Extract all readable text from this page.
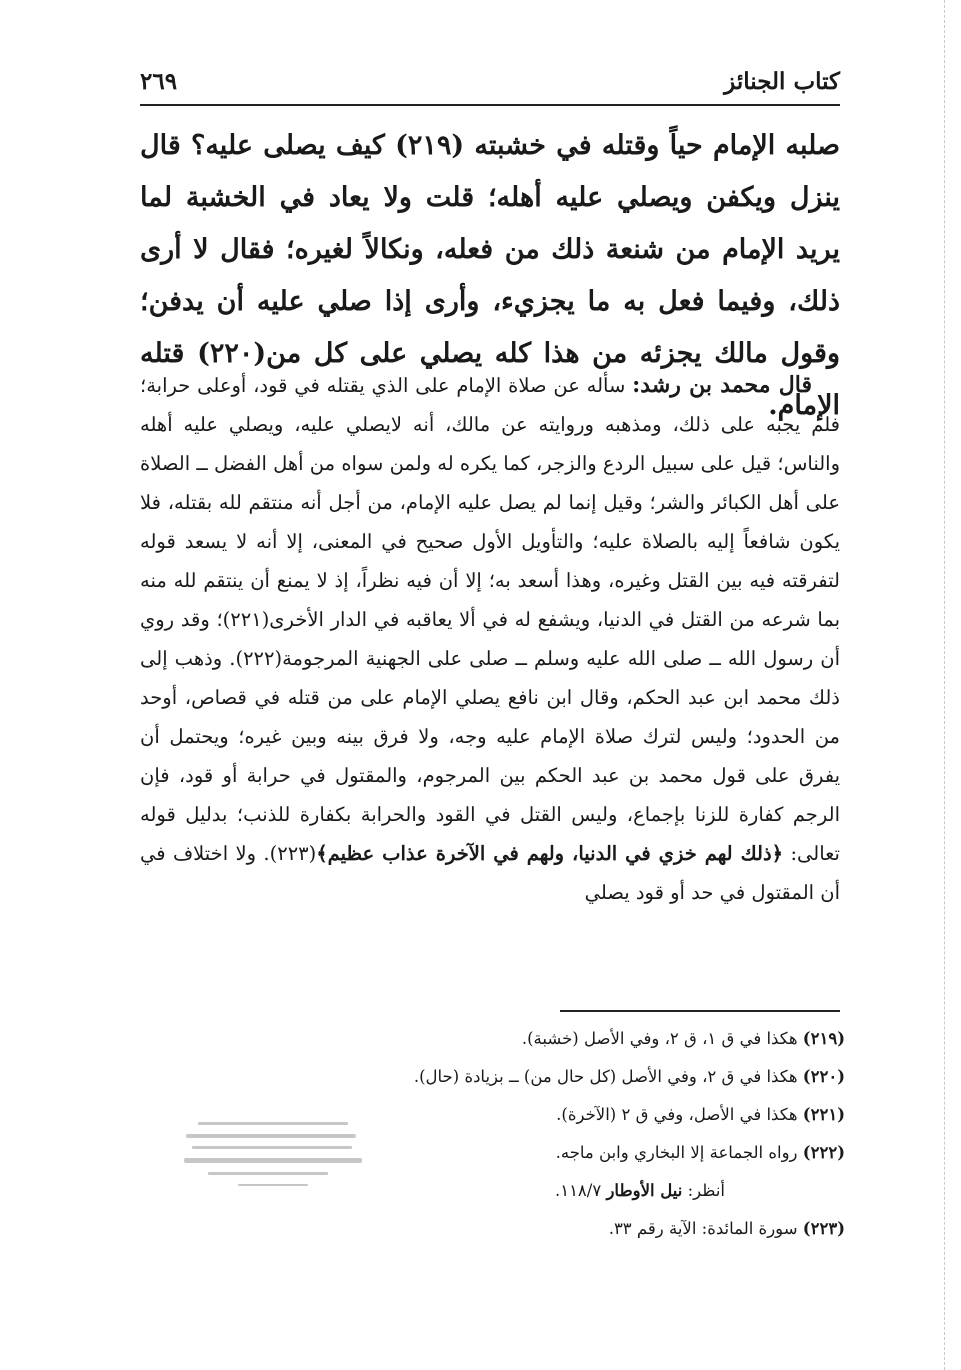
كتاب الجنائز
٢٦٩

صلبه الإمام حياً وقتله في خشبته (٢١٩) كيف يصلى عليه؟ قال ينزل ويكفن ويصلي عليه أهله؛ قلت ولا يعاد في الخشبة لما يريد الإمام من شنعة ذلك من فعله، ونكالاً لغيره؛ فقال لا أرى ذلك، وفيما فعل به ما يجزيء، وأرى إذا صلي عليه أن يدفن؛ وقول مالك يجزئه من هذا كله يصلي على كل من(٢٢٠) قتله الإمام.

قال محمد بن رشد: سأله عن صلاة الإمام على الذي يقتله في قود، أوعلى حرابة؛ فلم يجبه على ذلك، ومذهبه وروايته عن مالك، أنه لايصلي عليه، ويصلي عليه أهله والناس؛ قيل على سبيل الردع والزجر، كما يكره له ولمن سواه من أهل الفضل ــ الصلاة على أهل الكبائر والشر؛ وقيل إنما لم يصل عليه الإمام، من أجل أنه منتقم لله بقتله، فلا يكون شافعاً إليه بالصلاة عليه؛ والتأويل الأول صحيح في المعنى، إلا أنه لا يسعد قوله لتفرقته فيه بين القتل وغيره، وهذا أسعد به؛ إلا أن فيه نظراً، إذ لا يمنع أن ينتقم لله منه بما شرعه من القتل في الدنيا، ويشفع له في ألا يعاقبه في الدار الأخرى(٢٢١)؛ وقد روي أن رسول الله ــ صلى الله عليه وسلم ــ صلى على الجهنية المرجومة(٢٢٢). وذهب إلى ذلك محمد ابن عبد الحكم، وقال ابن نافع يصلي الإمام على من قتله في قصاص، أوحد من الحدود؛ وليس لترك صلاة الإمام عليه وجه، ولا فرق بينه وبين غيره؛ ويحتمل أن يفرق على قول محمد بن عبد الحكم بين المرجوم، والمقتول في حرابة أو قود، فإن الرجم كفارة للزنا بإجماع، وليس القتل في القود والحرابة بكفارة للذنب؛ بدليل قوله تعالى: ﴿ذلك لهم خزي في الدنيا، ولهم في الآخرة عذاب عظيم﴾(٢٢٣). ولا اختلاف في أن المقتول في حد أو قود يصلي

(٢١٩) هكذا في ق ١، ق ٢، وفي الأصل (خشبة).
(٢٢٠) هكذا في ق ٢، وفي الأصل (كل حال من) ــ بزيادة (حال).
(٢٢١) هكذا في الأصل، وفي ق ٢ (الآخرة).
(٢٢٢) رواه الجماعة إلا البخاري وابن ماجه.
أنظر: نيل الأوطار ١١٨/٧.
(٢٢٣) سورة المائدة: الآية رقم ٣٣.
